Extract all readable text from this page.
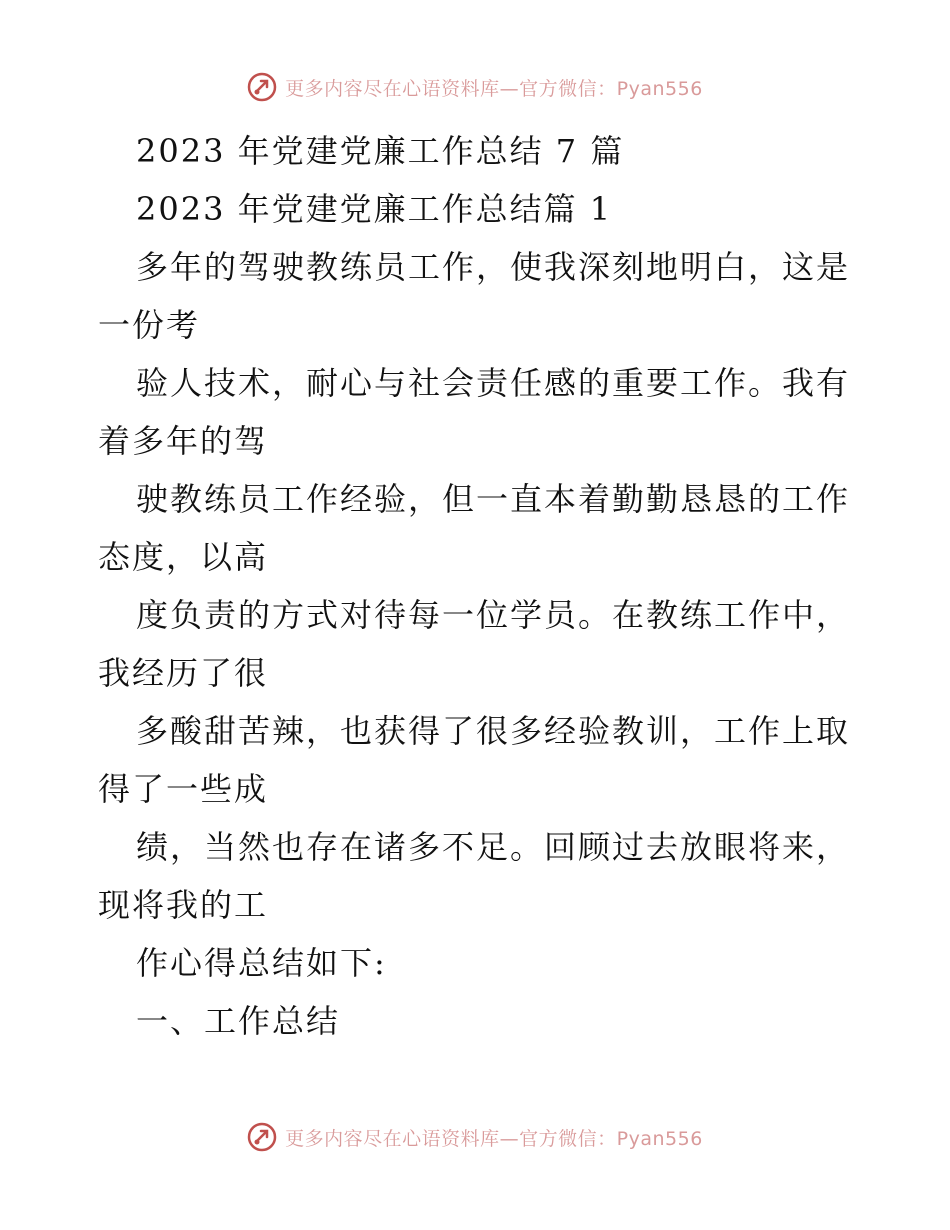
更多内容尽在心语资料库—官方微信：Pyan556
2023 年党建党廉工作总结 7 篇
2023 年党建党廉工作总结篇 1
多年的驾驶教练员工作，使我深刻地明白，这是
一份考
验人技术，耐心与社会责任感的重要工作。我有
着多年的驾
驶教练员工作经验，但一直本着勤勤恳恳的工作
态度，以高
度负责的方式对待每一位学员。在教练工作中，
我经历了很
多酸甜苦辣，也获得了很多经验教训，工作上取
得了一些成
绩，当然也存在诸多不足。回顾过去放眼将来，
现将我的工
作心得总结如下:
一、工作总结
更多内容尽在心语资料库—官方微信：Pyan556
